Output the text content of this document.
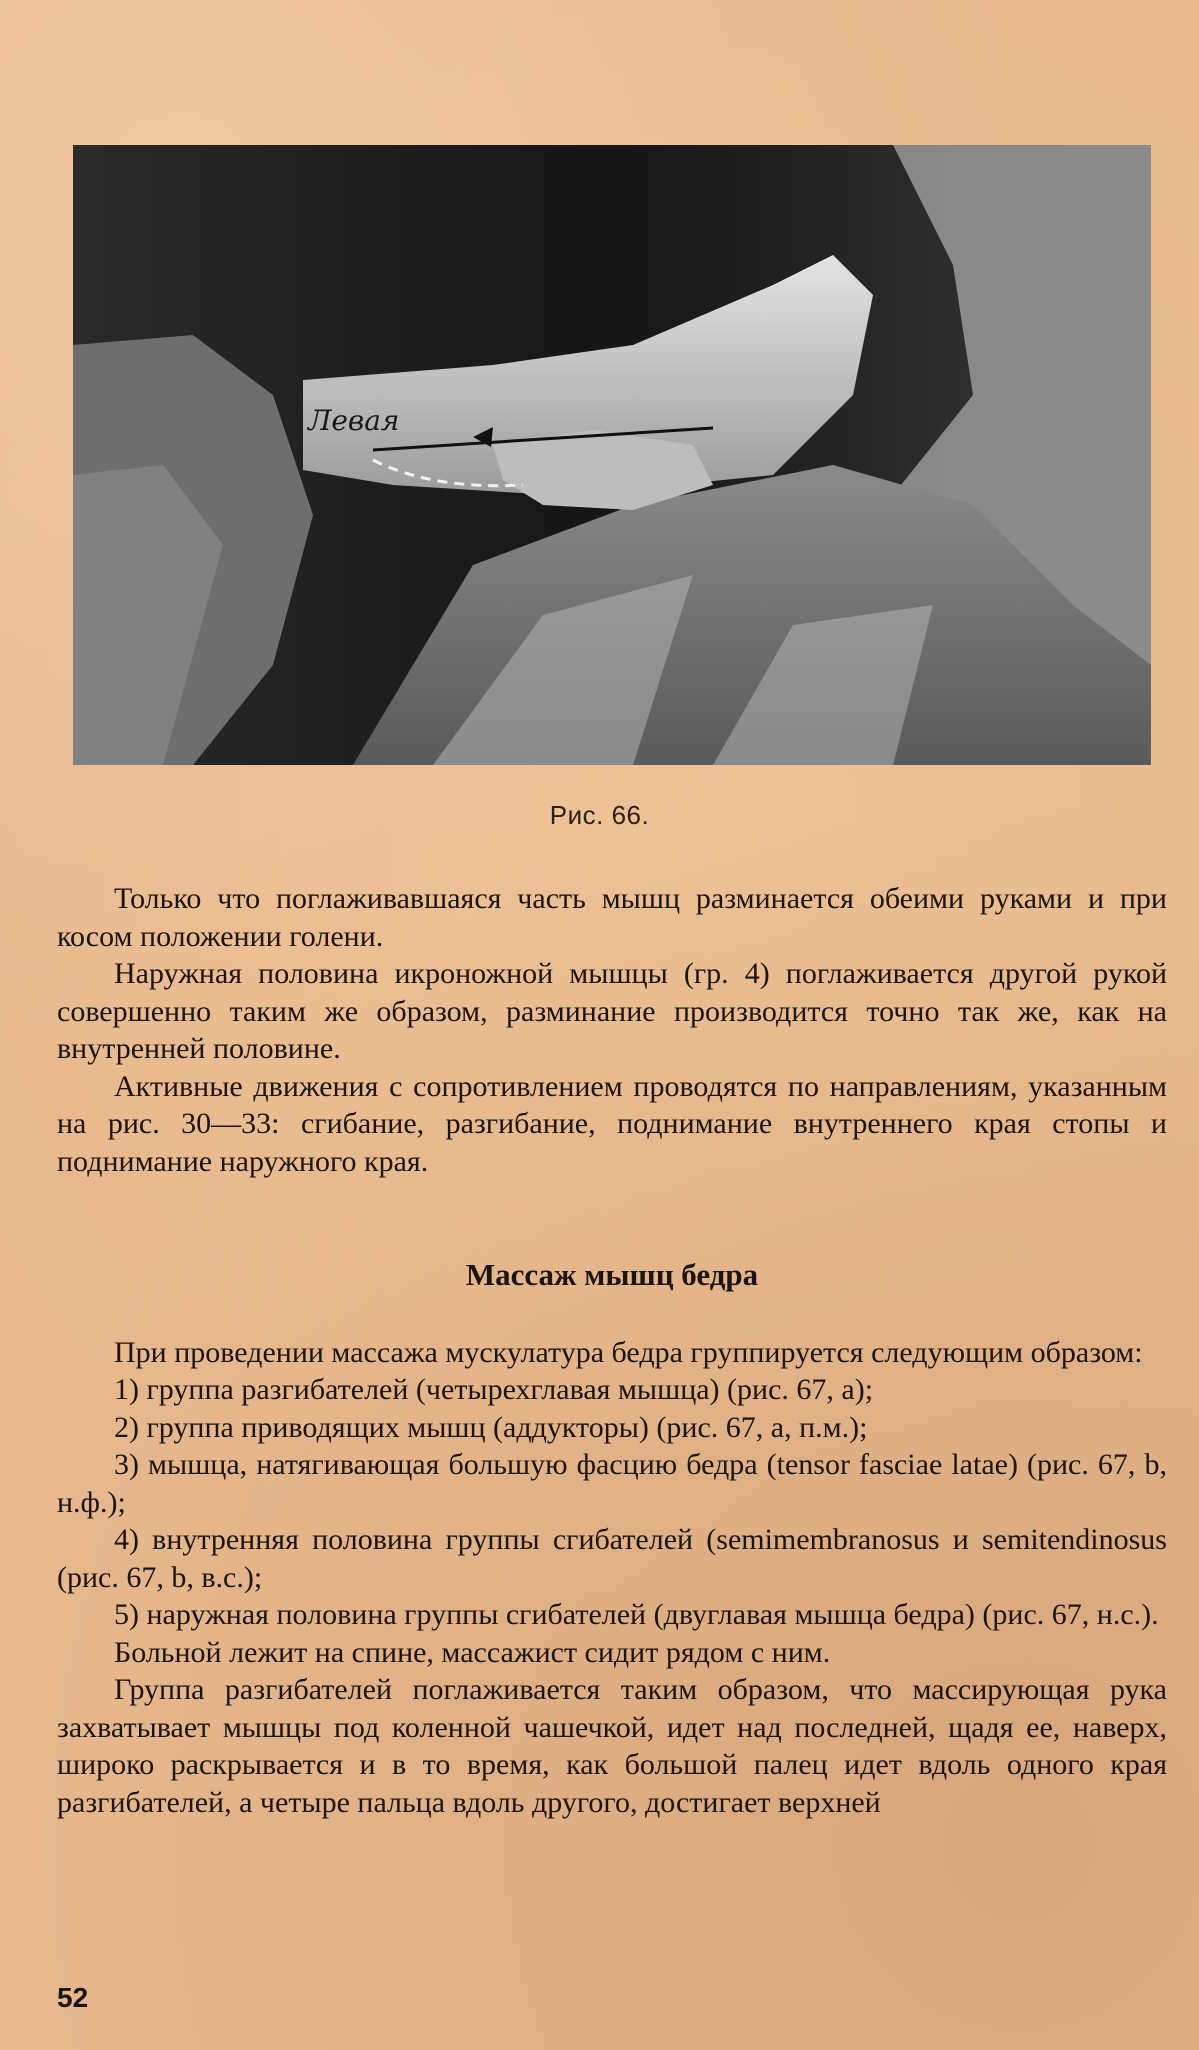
Левая
Рис. 66.

Только что поглаживавшаяся часть мышц разминается обеими руками и при косом положении голени.

Наружная половина икроножной мышцы (гр. 4) поглаживается другой рукой совершенно таким же образом, разминание производится точно так же, как на внутренней половине.

Активные движения с сопротивлением проводятся по направлениям, указанным на рис. 30—33: сгибание, разгибание, поднимание внутреннего края стопы и поднимание наружного края.

Массаж мышц бедра

При проведении массажа мускулатура бедра группируется следующим образом:

1) группа разгибателей (четырехглавая мышца) (рис. 67, a);

2) группа приводящих мышц (аддукторы) (рис. 67, a, п.м.);

3) мышца, натягивающая большую фасцию бедра (tensor fasciae latae) (рис. 67, b, н.ф.);

4) внутренняя половина группы сгибателей (semimembranosus и semitendinosus (рис. 67, b, в.с.);

5) наружная половина группы сгибателей (двуглавая мышца бедра) (рис. 67, н.с.).

Больной лежит на спине, массажист сидит рядом с ним.

Группа разгибателей поглаживается таким образом, что массирующая рука захватывает мышцы под коленной чашечкой, идет над последней, щадя ее, наверх, широко раскрывается и в то время, как большой палец идет вдоль одного края разгибателей, а четыре пальца вдоль другого, достигает верхней

52
